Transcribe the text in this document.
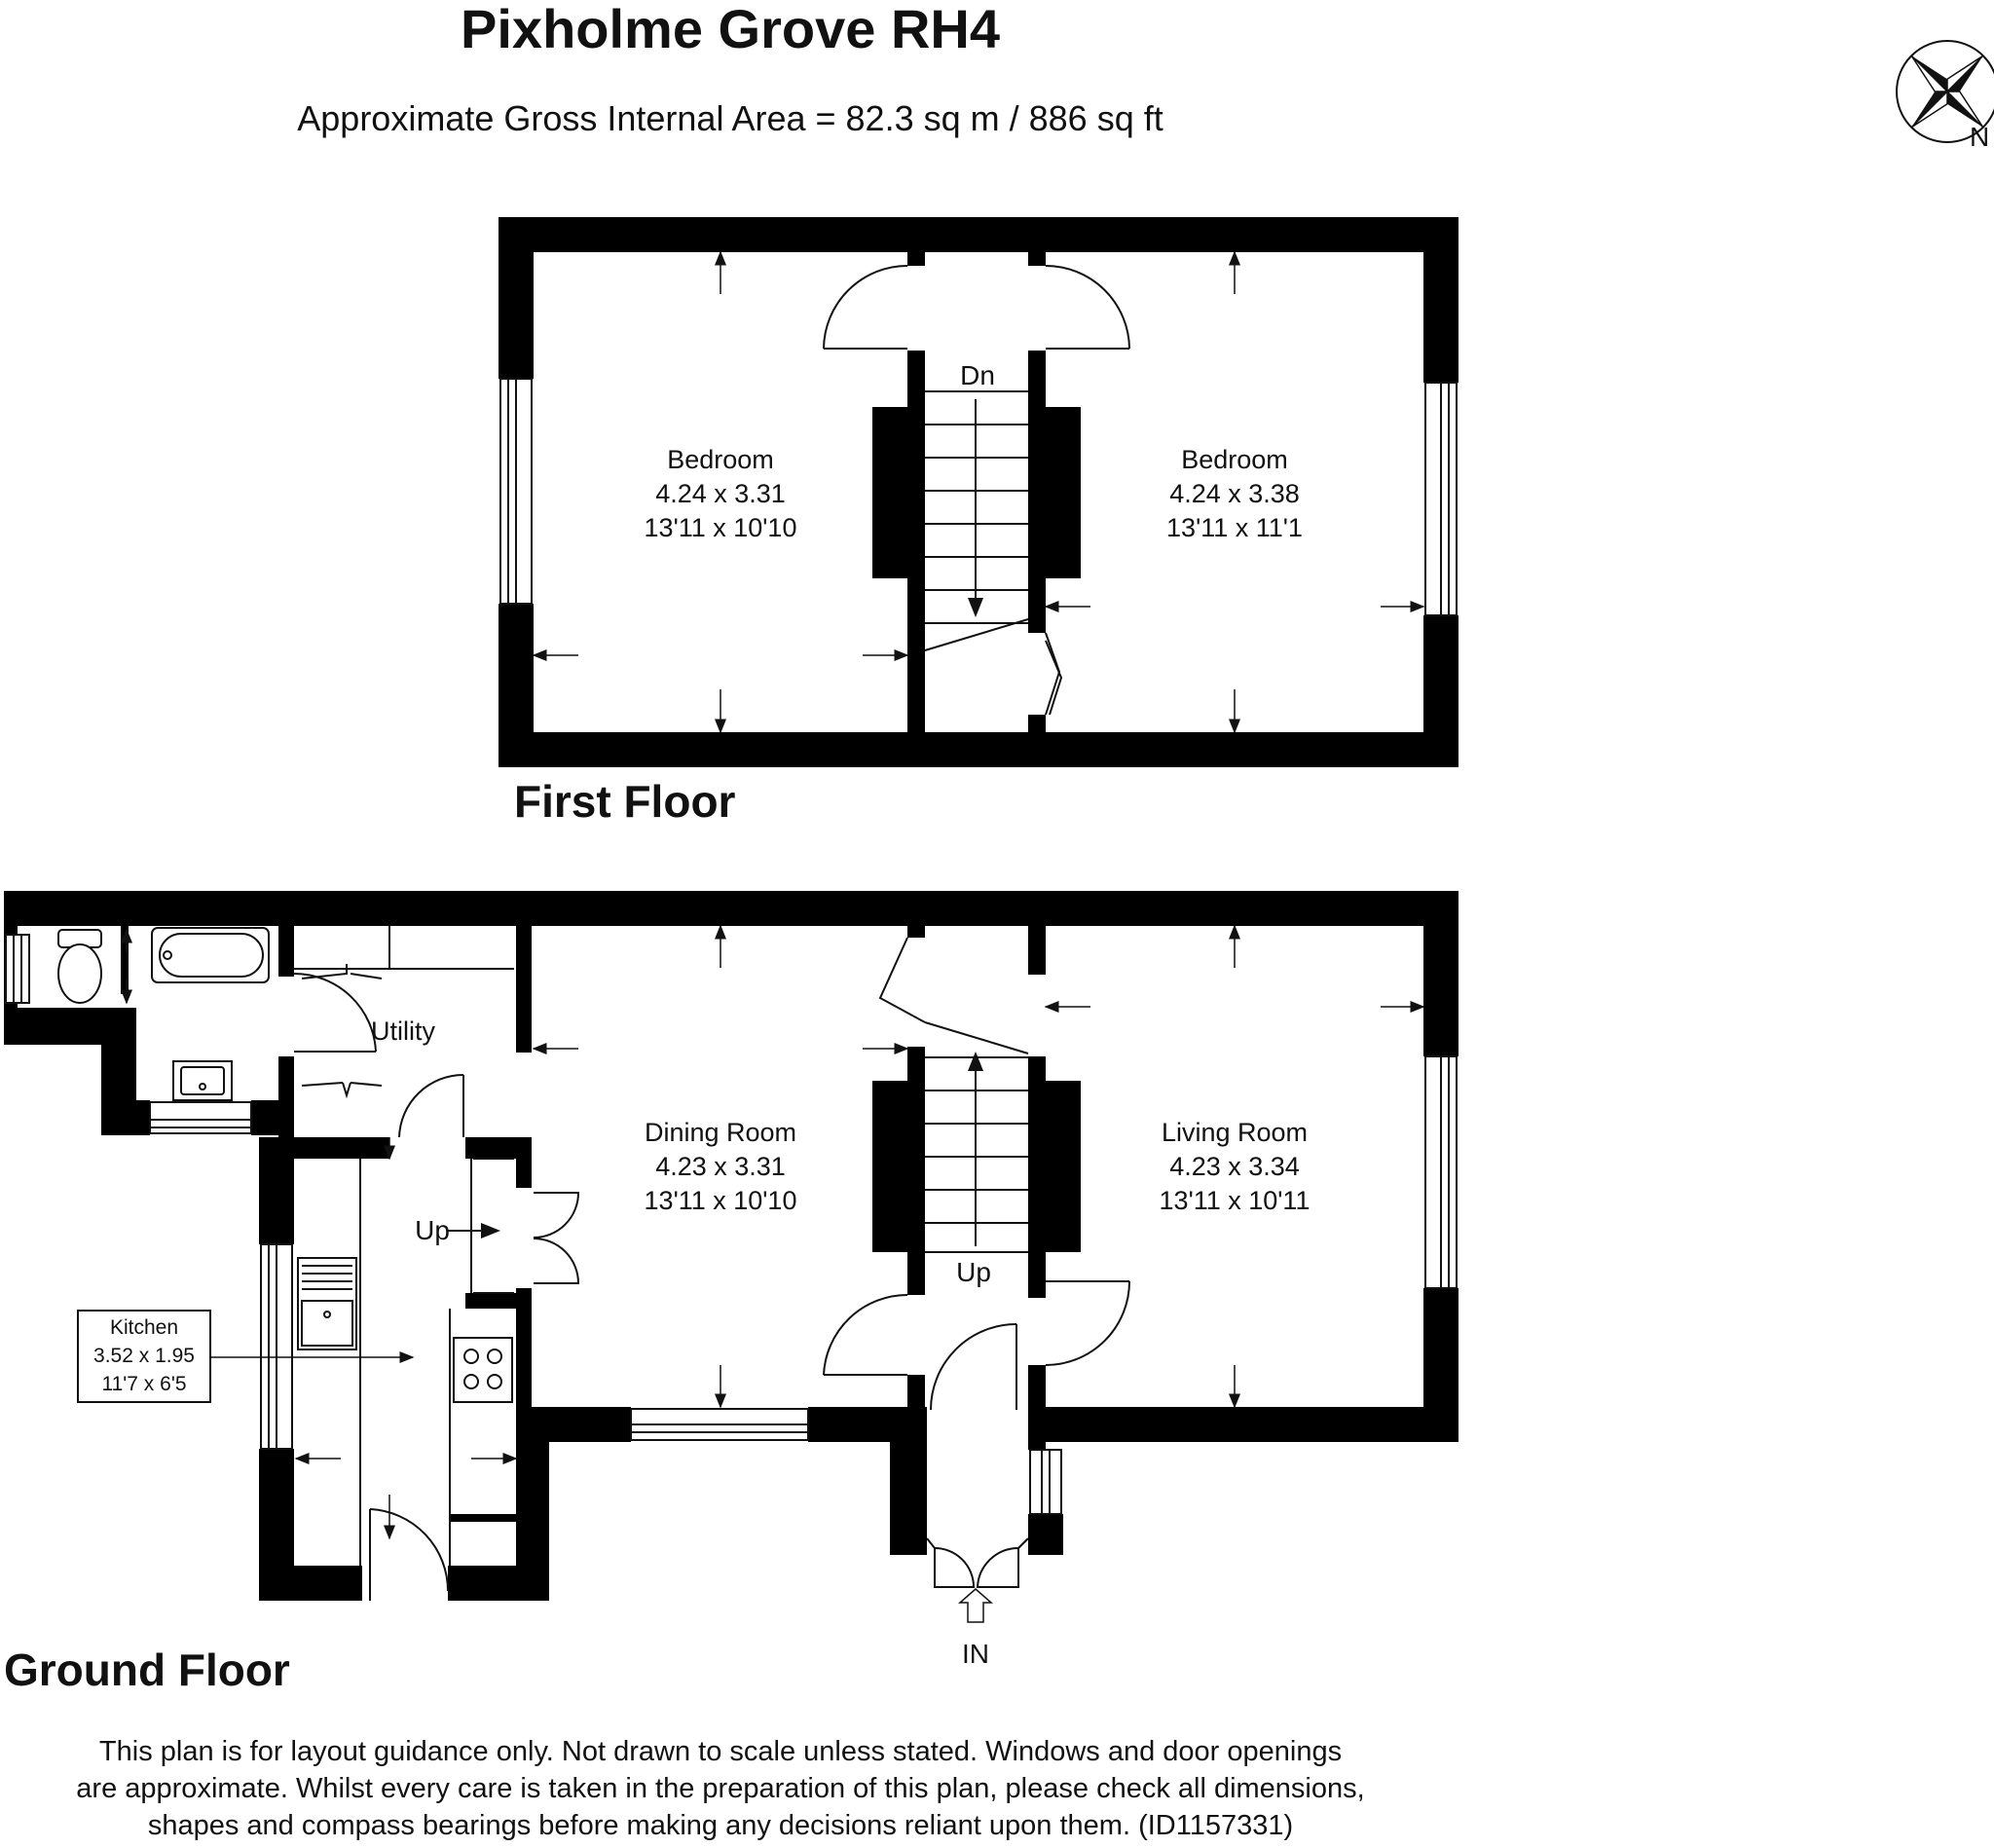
Pixholme Grove RH4
Approximate Gross Internal Area = 82.3 sq m / 886 sq ft	N
Dn
Bedroom
4.24 x 3.31
13'11 x 10'10
Bedroom
4.24 x 3.38
13'11 x 11'1
Up
Up
IN
Kitchen
3.52 x 1.95
11'7 x 6'5
Utility
Dining Room
4.23 x 3.31
13'11 x 10'10
Living Room
4.23 x 3.34
13'11 x 10'11
First Floor
Ground Floor
This plan is for layout guidance only. Not drawn to scale unless stated. Windows and door openings
are approximate. Whilst every care is taken in the preparation of this plan, please check all dimensions,
shapes and compass bearings before making any decisions reliant upon them. (ID1157331)
